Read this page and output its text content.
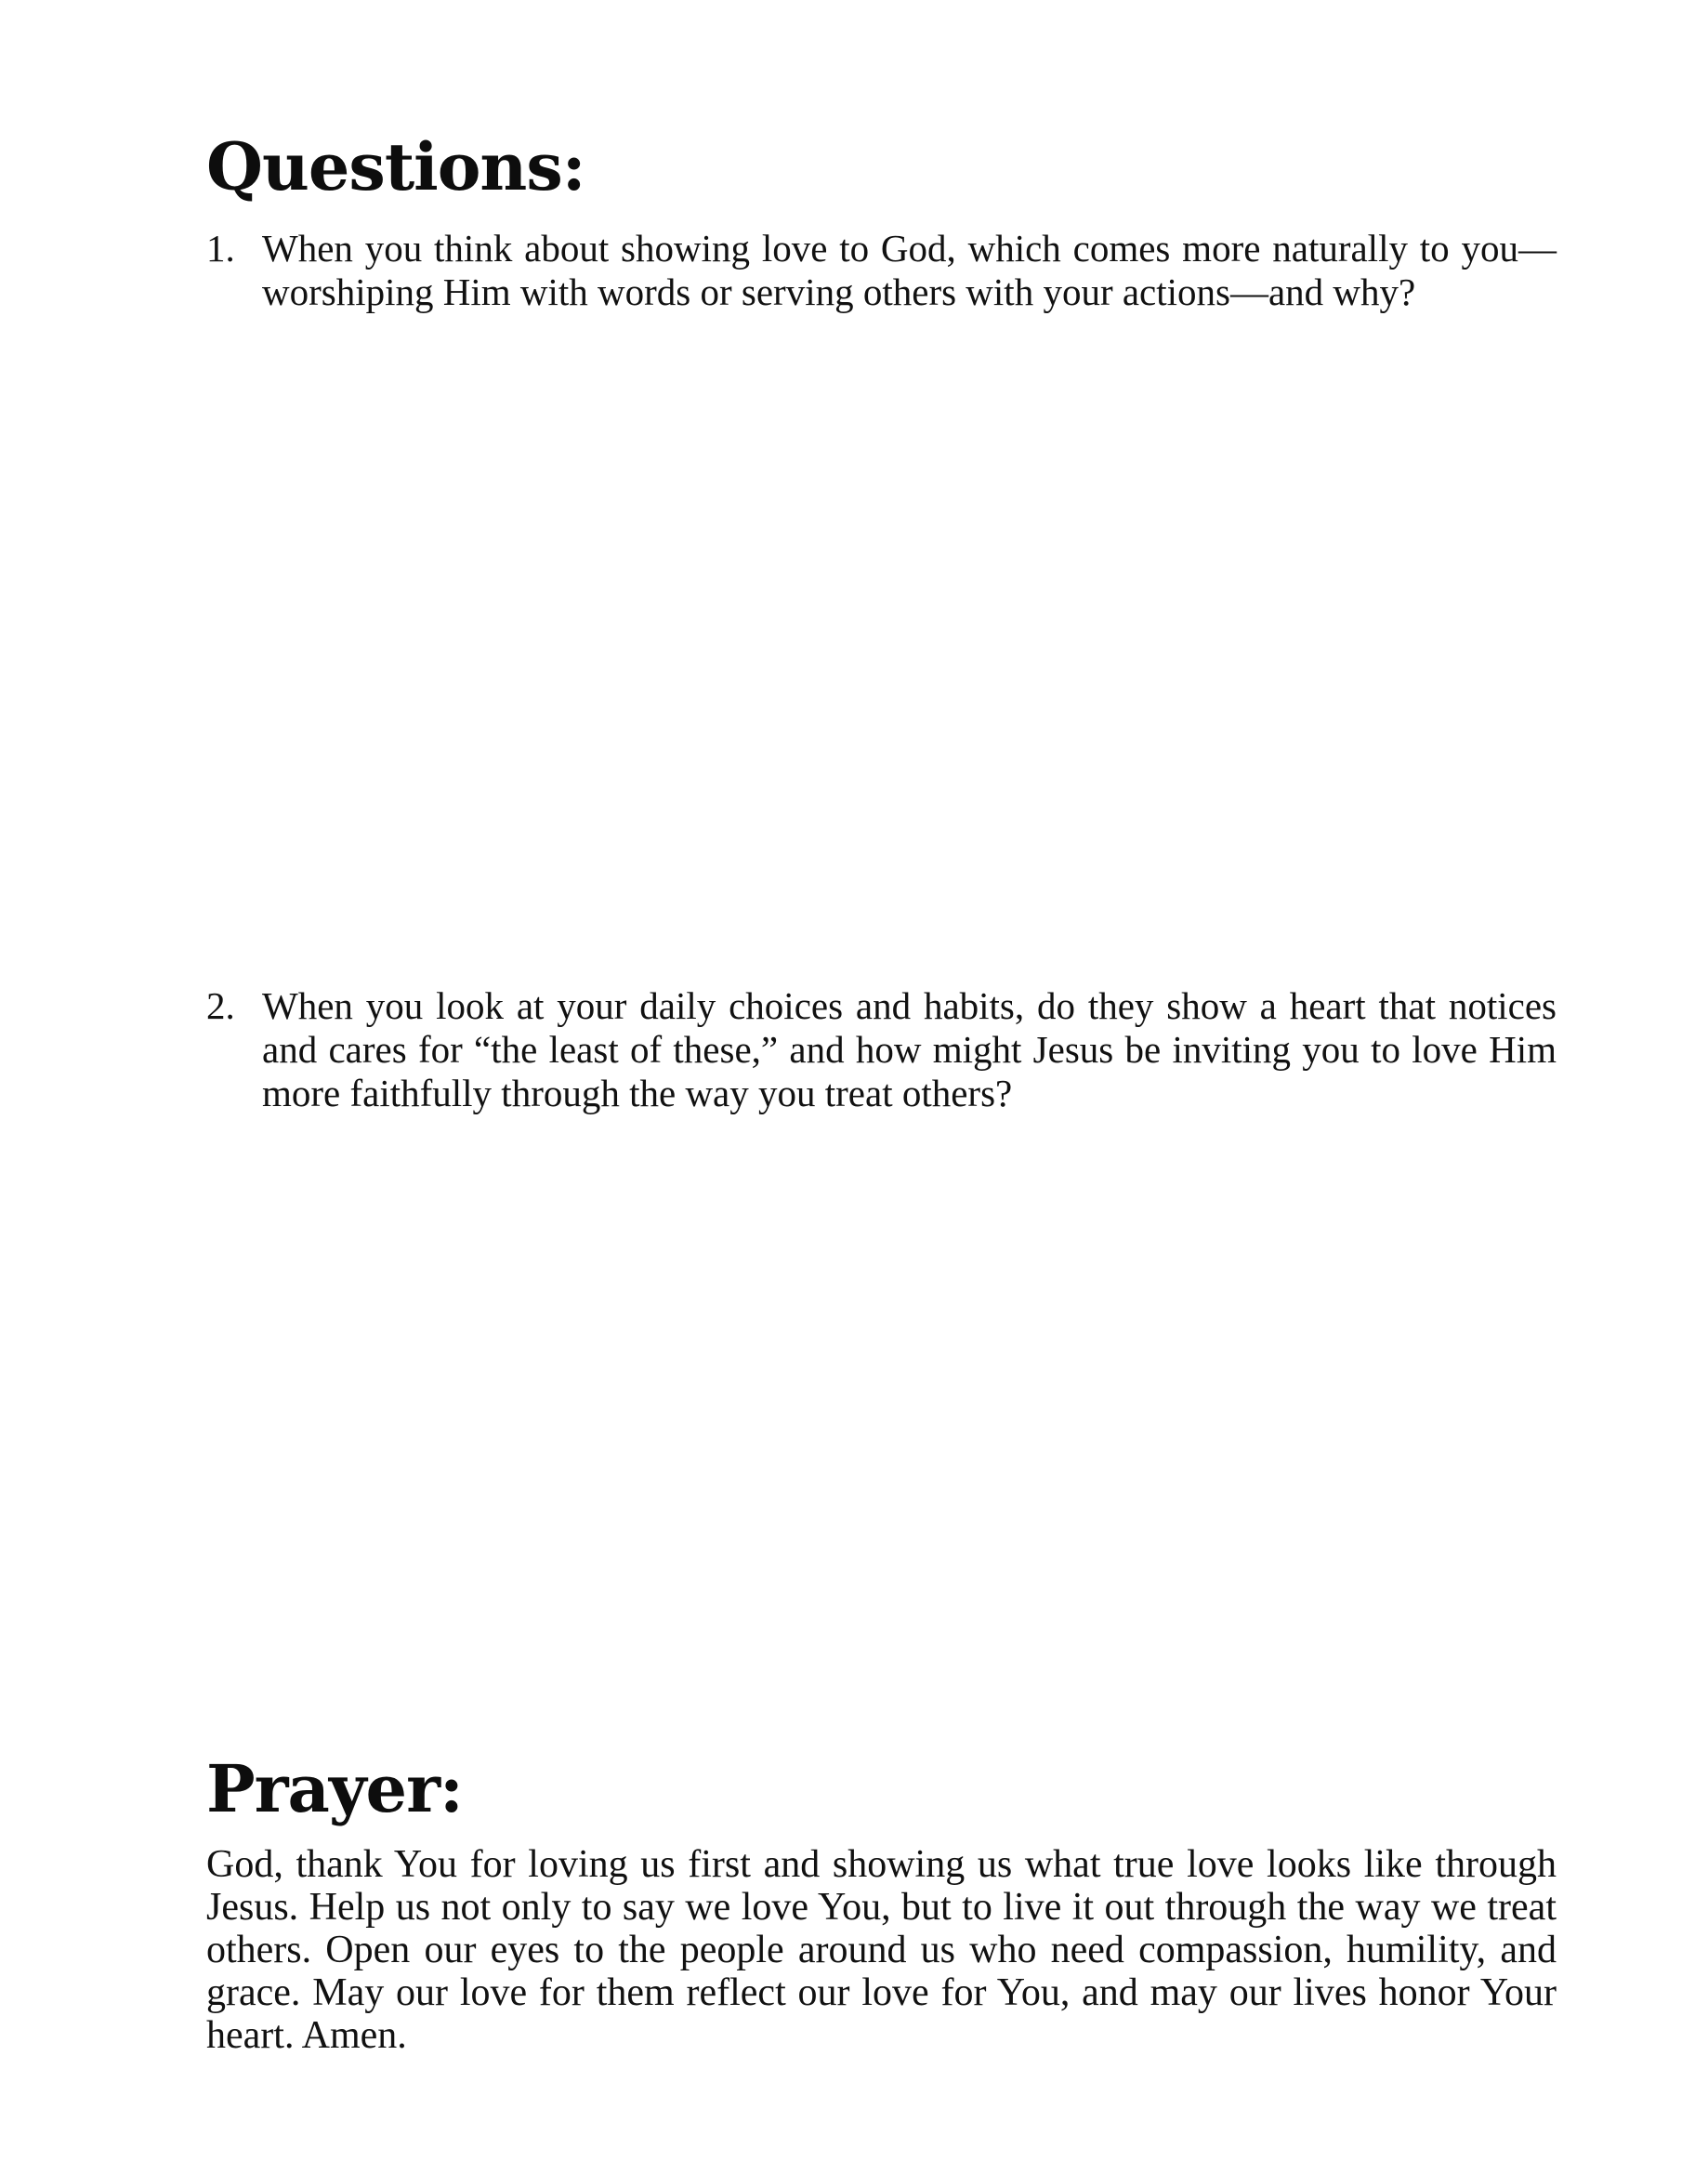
Questions:
1. When you think about showing love to God, which comes more naturally to you—worshiping Him with words or serving others with your actions—and why?
2. When you look at your daily choices and habits, do they show a heart that notices and cares for “the least of these,” and how might Jesus be inviting you to love Him more faithfully through the way you treat others?
Prayer:

God, thank You for loving us first and showing us what true love looks like through Jesus. Help us not only to say we love You, but to live it out through the way we treat others. Open our eyes to the people around us who need compassion, humility, and grace. May our love for them reflect our love for You, and may our lives honor Your heart. Amen.
